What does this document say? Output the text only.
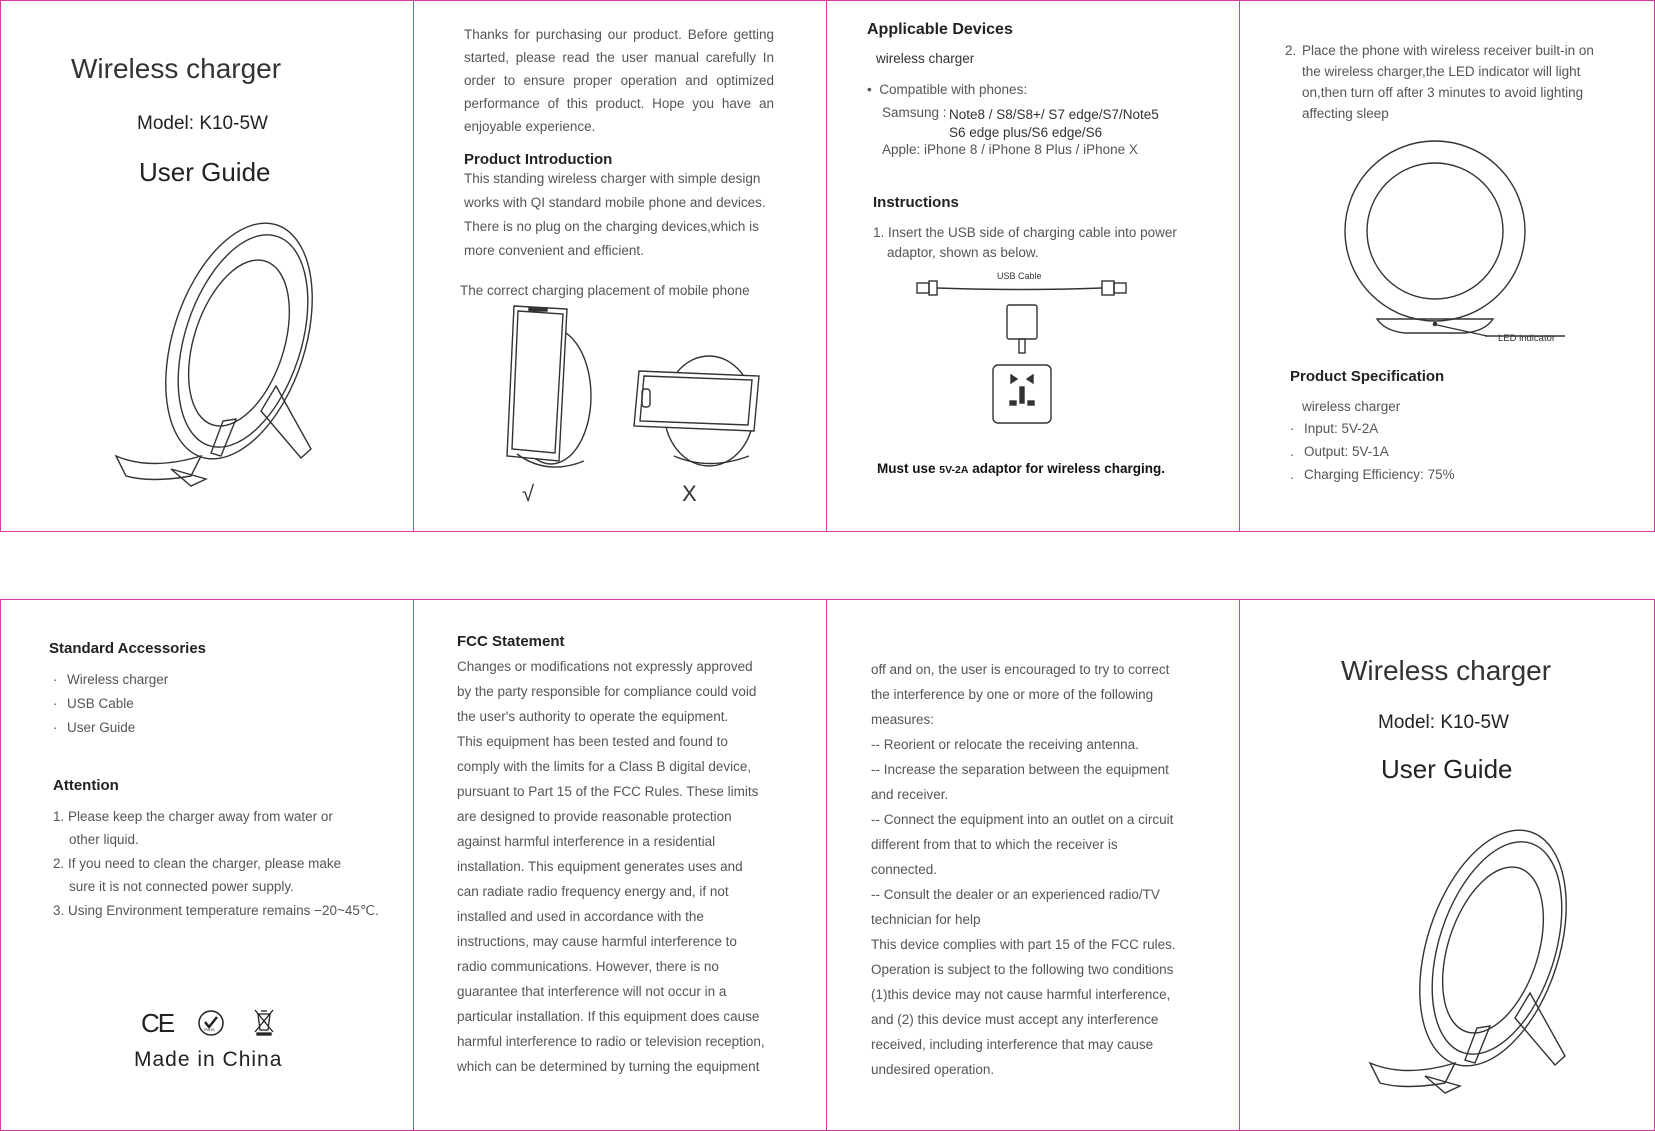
Wireless charger
Model: K10-5W
User Guide
Thanks for purchasing our product. Before getting started, please read the user manual carefully In order to ensure proper operation and optimized performance of this product. Hope you have an enjoyable experience.
Product Introduction
This standing wireless charger with simple design
works with QI standard mobile phone and devices.
There is no plug on the charging devices,which is
more convenient and efficient.
The correct charging placement of mobile phone
√	X
Applicable Devices
wireless charger
•  Compatible with phones:
Samsung : Note8 / S8/S8+/ S7 edge/S7/Note5
S6 edge plus/S6 edge/S6
Apple: iPhone 8 / iPhone 8 Plus / iPhone X
Instructions
1. Insert the USB side of charging cable into power
adaptor, shown as below.
USB Cable
Must use 5V-2A adaptor for wireless charging.
2. Place the phone with wireless receiver built-in on
the wireless charger,the LED indicator will light
on,then turn off after 3 minutes to avoid lighting
affecting sleep
LED indicator
Product Specification
wireless charger
· Input: 5V-2A
. Output: 5V-1A
. Charging Efficiency: 75%
Standard Accessories
· Wireless charger
· USB Cable
· User Guide
Attention
1. Please keep the charger away from water or
other liquid.
2. If you need to clean the charger, please make
sure it is not connected power supply.
3. Using Environment temperature remains −20~45℃.
CE	RoHS
Made in China
FCC Statement
Changes or modifications not expressly approved
by the party responsible for compliance could void
the user's authority to operate the equipment.
This equipment has been tested and found to
comply with the limits for a Class B digital device,
pursuant to Part 15 of the FCC Rules. These limits
are designed to provide reasonable protection
against harmful interference in a residential
installation. This equipment generates uses and
can radiate radio frequency energy and, if not
installed and used in accordance with the
instructions, may cause harmful interference to
radio communications. However, there is no
guarantee that interference will not occur in a
particular installation. If this equipment does cause
harmful interference to radio or television reception,
which can be determined by turning the equipment
off and on, the user is encouraged to try to correct
the interference by one or more of the following
measures:
-- Reorient or relocate the receiving antenna.
-- Increase the separation between the equipment
and receiver.
-- Connect the equipment into an outlet on a circuit
different from that to which the receiver is
connected.
-- Consult the dealer or an experienced radio/TV
technician for help
This device complies with part 15 of the FCC rules.
Operation is subject to the following two conditions
(1)this device may not cause harmful interference,
and (2) this device must accept any interference
received, including interference that may cause
undesired operation.
Wireless charger
Model: K10-5W
User Guide
